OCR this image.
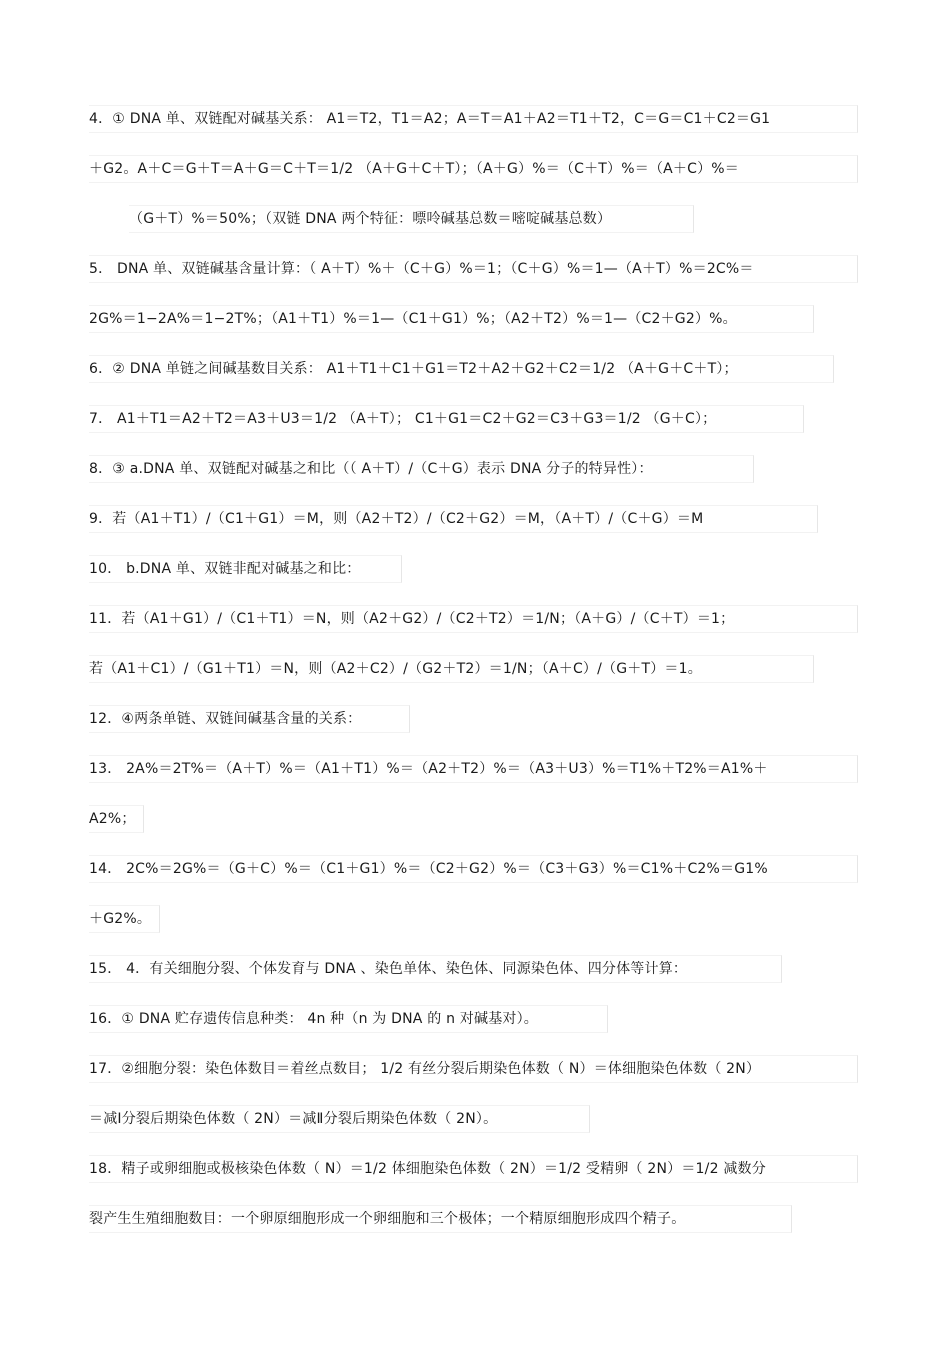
4．① DNA 单、双链配对碱基关系： A1＝T2，T1＝A2；A＝T＝A1＋A2＝T1＋T2，C＝G＝C1＋C2＝G1
＋G2。A＋C＝G＋T＝A＋G＝C＋T＝1/2 （A＋G＋C＋T）；（A＋G）%＝（C＋T）%＝（A＋C）%＝
（G＋T）%＝50%；（双链 DNA 两个特征：嘌呤碱基总数＝嘧啶碱基总数）
5． DNA 单、双链碱基含量计算：（ A＋T）%＋（C＋G）%＝1；（C＋G）%＝1—（A＋T）%＝2C%＝
2G%＝1−2A%＝1−2T%；（A1＋T1）%＝1—（C1＋G1）%；（A2＋T2）%＝1—（C2＋G2）%。
6．② DNA 单链之间碱基数目关系： A1＋T1＋C1＋G1＝T2＋A2＋G2＋C2＝1/2 （A＋G＋C＋T）；
7． A1＋T1＝A2＋T2＝A3＋U3＝1/2 （A＋T）； C1＋G1＝C2＋G2＝C3＋G3＝1/2 （G＋C）；
8．③ a.DNA 单、双链配对碱基之和比（（ A＋T）/（C＋G）表示 DNA 分子的特异性）：
9．若（A1＋T1）/（C1＋G1）＝M，则（A2＋T2）/（C2＋G2）＝M，（A＋T）/（C＋G）＝M
10． b.DNA 单、双链非配对碱基之和比：
11．若（A1＋G1）/（C1＋T1）＝N，则（A2＋G2）/（C2＋T2）＝1/N；（A＋G）/（C＋T）＝1；
若（A1＋C1）/（G1＋T1）＝N，则（A2＋C2）/（G2＋T2）＝1/N；（A＋C）/（G＋T）＝1。
12．④两条单链、双链间碱基含量的关系：
13． 2A%＝2T%＝（A＋T）%＝（A1＋T1）%＝（A2＋T2）%＝（A3＋U3）%＝T1%＋T2%＝A1%＋
A2%；
14． 2C%＝2G%＝（G＋C）%＝（C1＋G1）%＝（C2＋G2）%＝（C3＋G3）%＝C1%＋C2%＝G1%
＋G2%。
15． 4．有关细胞分裂、个体发育与 DNA 、染色单体、染色体、同源染色体、四分体等计算：
16．① DNA 贮存遗传信息种类： 4n 种（n 为 DNA 的 n 对碱基对）。
17．②细胞分裂：染色体数目＝着丝点数目； 1/2 有丝分裂后期染色体数（ N）＝体细胞染色体数（ 2N）
＝减Ⅰ分裂后期染色体数（ 2N）＝减Ⅱ分裂后期染色体数（ 2N）。
18．精子或卵细胞或极核染色体数（ N）＝1/2 体细胞染色体数（ 2N）＝1/2 受精卵（ 2N）＝1/2 减数分
裂产生生殖细胞数目：一个卵原细胞形成一个卵细胞和三个极体；一个精原细胞形成四个精子。
